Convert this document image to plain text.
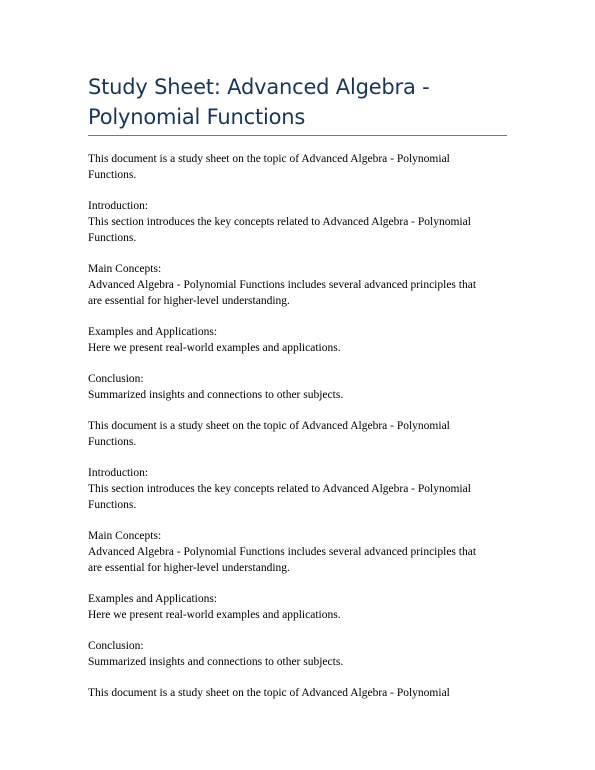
Study Sheet: Advanced Algebra -
Polynomial Functions
This document is a study sheet on the topic of Advanced Algebra - Polynomial
Functions.
Introduction:
This section introduces the key concepts related to Advanced Algebra - Polynomial
Functions.
Main Concepts:
Advanced Algebra - Polynomial Functions includes several advanced principles that
are essential for higher-level understanding.
Examples and Applications:
Here we present real-world examples and applications.
Conclusion:
Summarized insights and connections to other subjects.
This document is a study sheet on the topic of Advanced Algebra - Polynomial
Functions.
Introduction:
This section introduces the key concepts related to Advanced Algebra - Polynomial
Functions.
Main Concepts:
Advanced Algebra - Polynomial Functions includes several advanced principles that
are essential for higher-level understanding.
Examples and Applications:
Here we present real-world examples and applications.
Conclusion:
Summarized insights and connections to other subjects.
This document is a study sheet on the topic of Advanced Algebra - Polynomial
